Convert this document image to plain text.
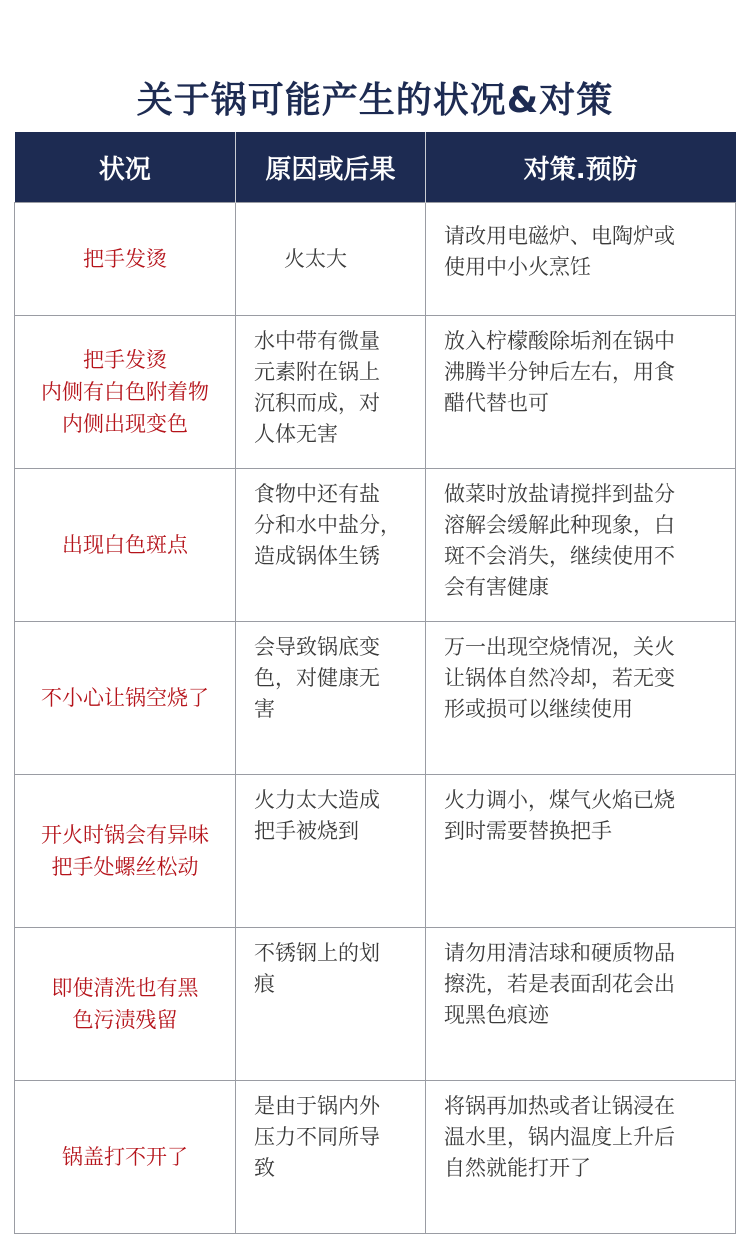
关于锅可能产生的状况&对策
状况	原因或后果	对策.预防

把手发烫	火太大	请改用电磁炉、电陶炉或
使用中小火烹饪

把手发烫
内侧有白色附着物
内侧出现变色	水中带有微量
元素附在锅上
沉积而成，对
人体无害	放入柠檬酸除垢剂在锅中
沸腾半分钟后左右，用食
醋代替也可

出现白色斑点	食物中还有盐
分和水中盐分，
造成锅体生锈	做菜时放盐请搅拌到盐分
溶解会缓解此种现象，白
斑不会消失，继续使用不
会有害健康

不小心让锅空烧了	会导致锅底变
色，对健康无
害	万一出现空烧情况，关火
让锅体自然冷却，若无变
形或损可以继续使用

开火时锅会有异味
把手处螺丝松动	火力太大造成
把手被烧到	火力调小，煤气火焰已烧
到时需要替换把手

即使清洗也有黑
色污渍残留	不锈钢上的划
痕	请勿用清洁球和硬质物品
擦洗，若是表面刮花会出
现黑色痕迹

锅盖打不开了	是由于锅内外
压力不同所导
致	将锅再加热或者让锅浸在
温水里，锅内温度上升后
自然就能打开了
